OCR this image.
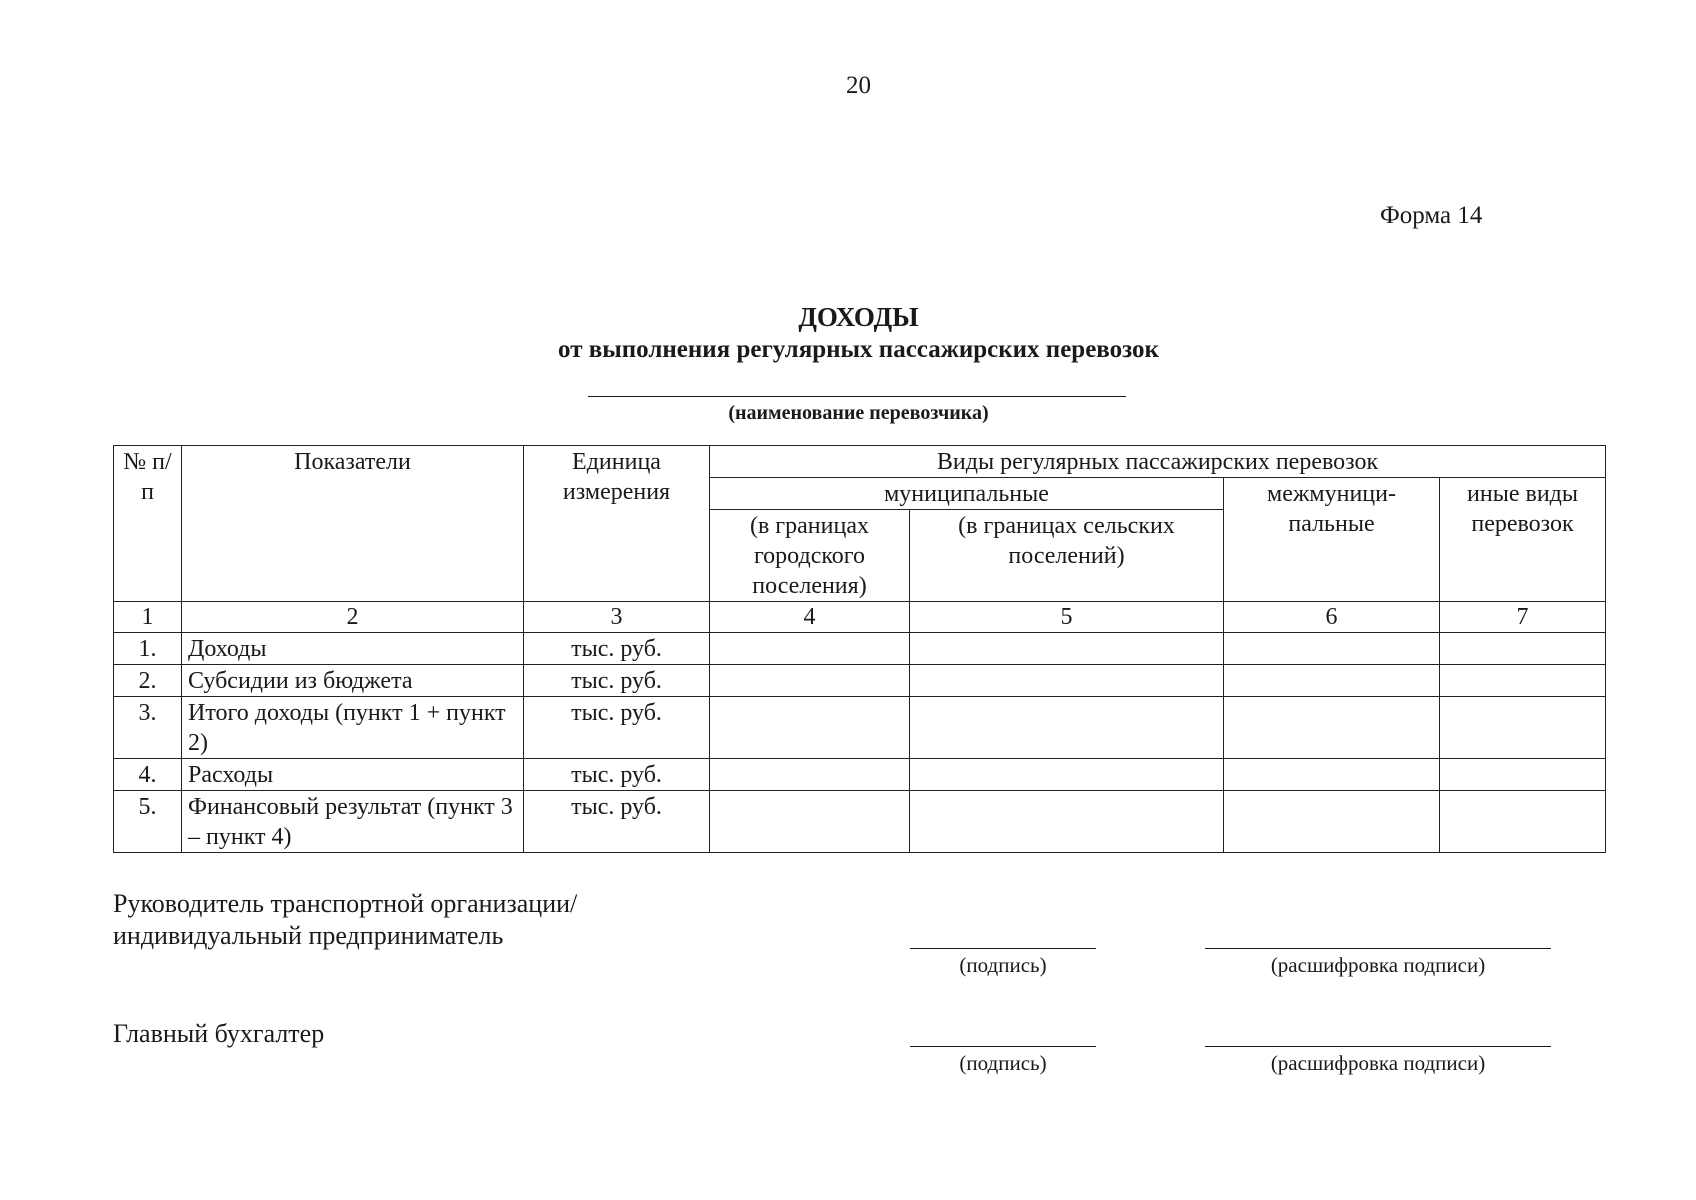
20
Форма 14
ДОХОДЫ
от выполнения регулярных пассажирских перевозок
(наименование перевозчика)
№ п/п	Показатели	Единица измерения	Виды регулярных пассажирских перевозок			
			муниципальные		межмуници-пальные	иные виды перевозок
			(в границах городского поселения)	(в границах сельских поселений)		
1	2	3	4	5	6	7
1.	Доходы	тыс. руб.				
2.	Субсидии из бюджета	тыс. руб.				
3.	Итого доходы (пункт 1 + пункт 2)	тыс. руб.				
4.	Расходы	тыс. руб.				
5.	Финансовый результат (пункт 3 – пункт 4)	тыс. руб.				
Руководитель транспортной организации/ индивидуальный предприниматель
(подпись)	(расшифровка подписи)
Главный бухгалтер
(подпись)	(расшифровка подписи)
